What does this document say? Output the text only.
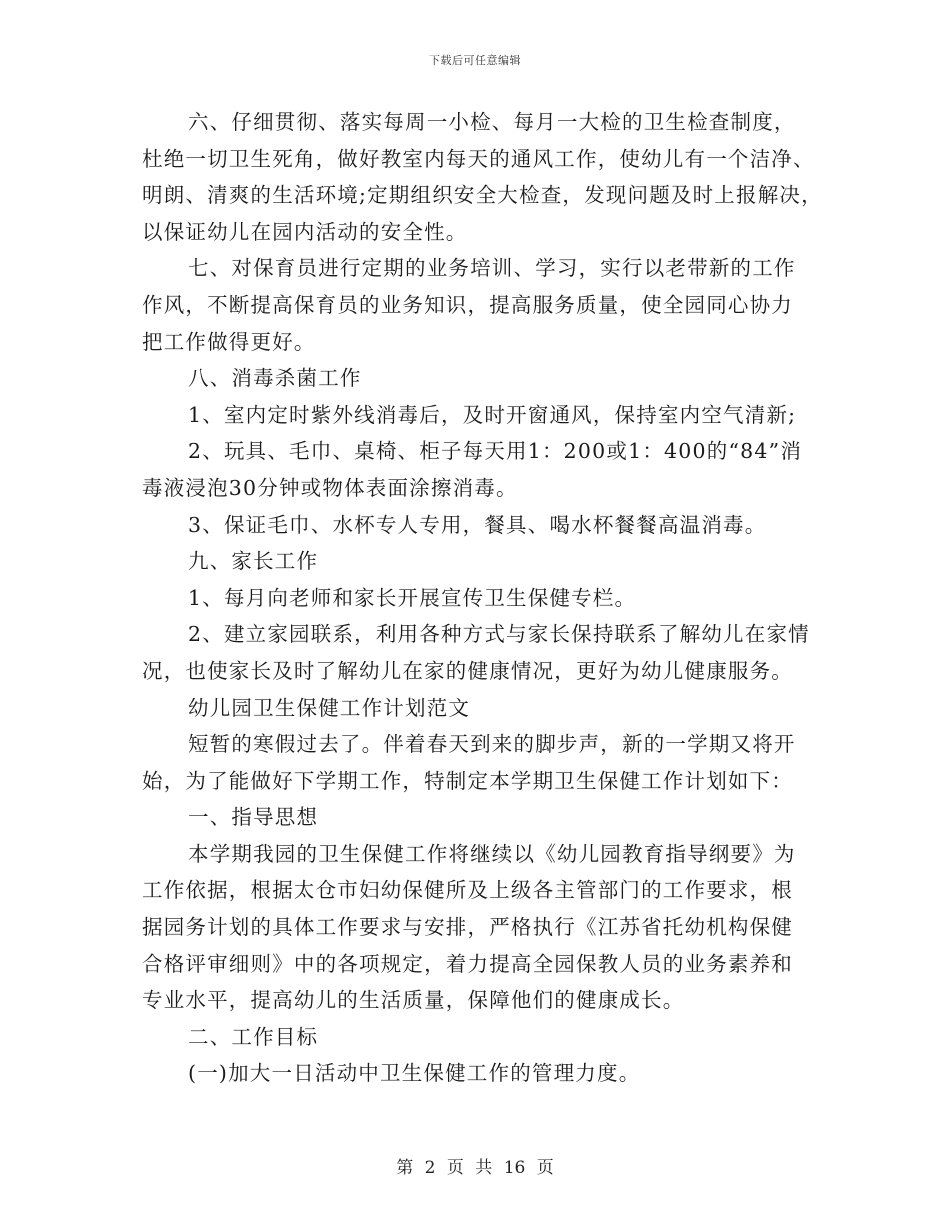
下载后可任意编辑
六、仔细贯彻、落实每周一小检、每月一大检的卫生检查制度，
杜绝一切卫生死角，做好教室内每天的通风工作，使幼儿有一个洁净、
明朗、清爽的生活环境;定期组织安全大检查，发现问题及时上报解决，
以保证幼儿在园内活动的安全性。
七、对保育员进行定期的业务培训、学习，实行以老带新的工作
作风，不断提高保育员的业务知识，提高服务质量，使全园同心协力
把工作做得更好。
八、消毒杀菌工作
1、室内定时紫外线消毒后，及时开窗通风，保持室内空气清新;
2、玩具、毛巾、桌椅、柜子每天用1：200或1：400的“84”消
毒液浸泡30分钟或物体表面涂擦消毒。
3、保证毛巾、水杯专人专用，餐具、喝水杯餐餐高温消毒。
九、家长工作
1、每月向老师和家长开展宣传卫生保健专栏。
2、建立家园联系，利用各种方式与家长保持联系了解幼儿在家情
况，也使家长及时了解幼儿在家的健康情况，更好为幼儿健康服务。
幼儿园卫生保健工作计划范文
短暂的寒假过去了。伴着春天到来的脚步声，新的一学期又将开
始，为了能做好下学期工作，特制定本学期卫生保健工作计划如下：
一、指导思想
本学期我园的卫生保健工作将继续以《幼儿园教育指导纲要》为
工作依据，根据太仓市妇幼保健所及上级各主管部门的工作要求，根
据园务计划的具体工作要求与安排，严格执行《江苏省托幼机构保健
合格评审细则》中的各项规定，着力提高全园保教人员的业务素养和
专业水平，提高幼儿的生活质量，保障他们的健康成长。
二、工作目标
(一)加大一日活动中卫生保健工作的管理力度。
第 2 页 共 16 页
